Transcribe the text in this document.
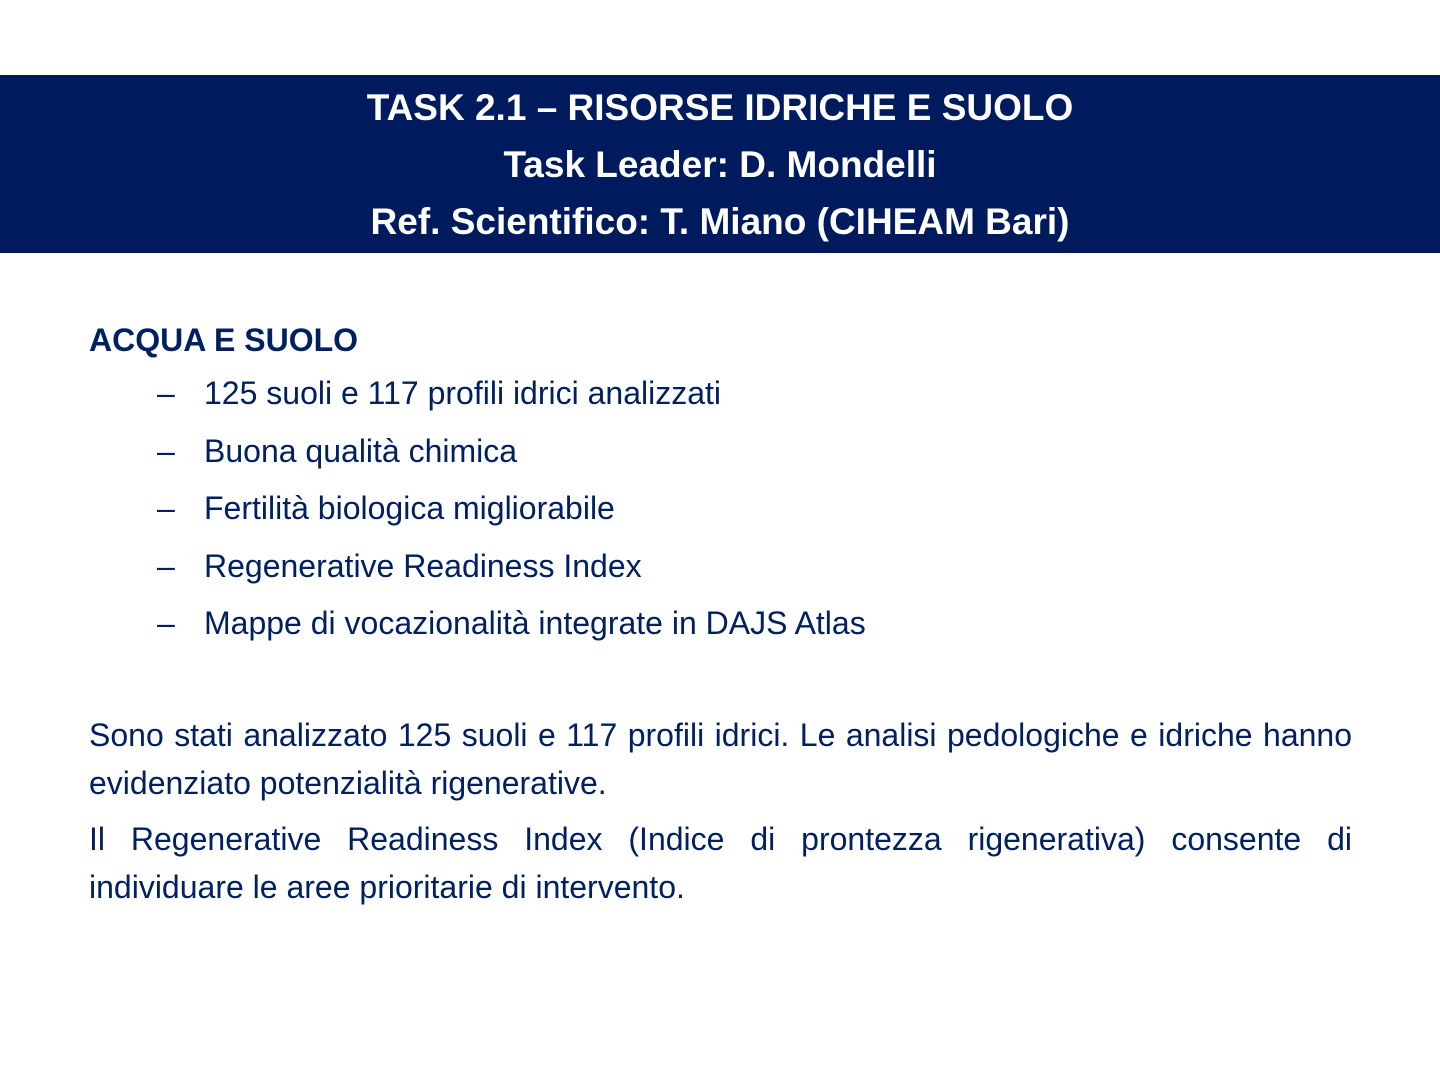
TASK 2.1 – RISORSE IDRICHE E SUOLO
Task Leader: D. Mondelli
Ref. Scientifico: T. Miano (CIHEAM Bari)
ACQUA E SUOLO
– 125 suoli e 117 profili idrici analizzati
– Buona qualità chimica
– Fertilità biologica migliorabile
– Regenerative Readiness Index
– Mappe di vocazionalità integrate in DAJS Atlas

Sono stati analizzato 125 suoli e 117 profili idrici. Le analisi pedologiche e idriche hanno evidenziato potenzialità rigenerative.

Il Regenerative Readiness Index (Indice di prontezza rigenerativa) consente di individuare le aree prioritarie di intervento.
